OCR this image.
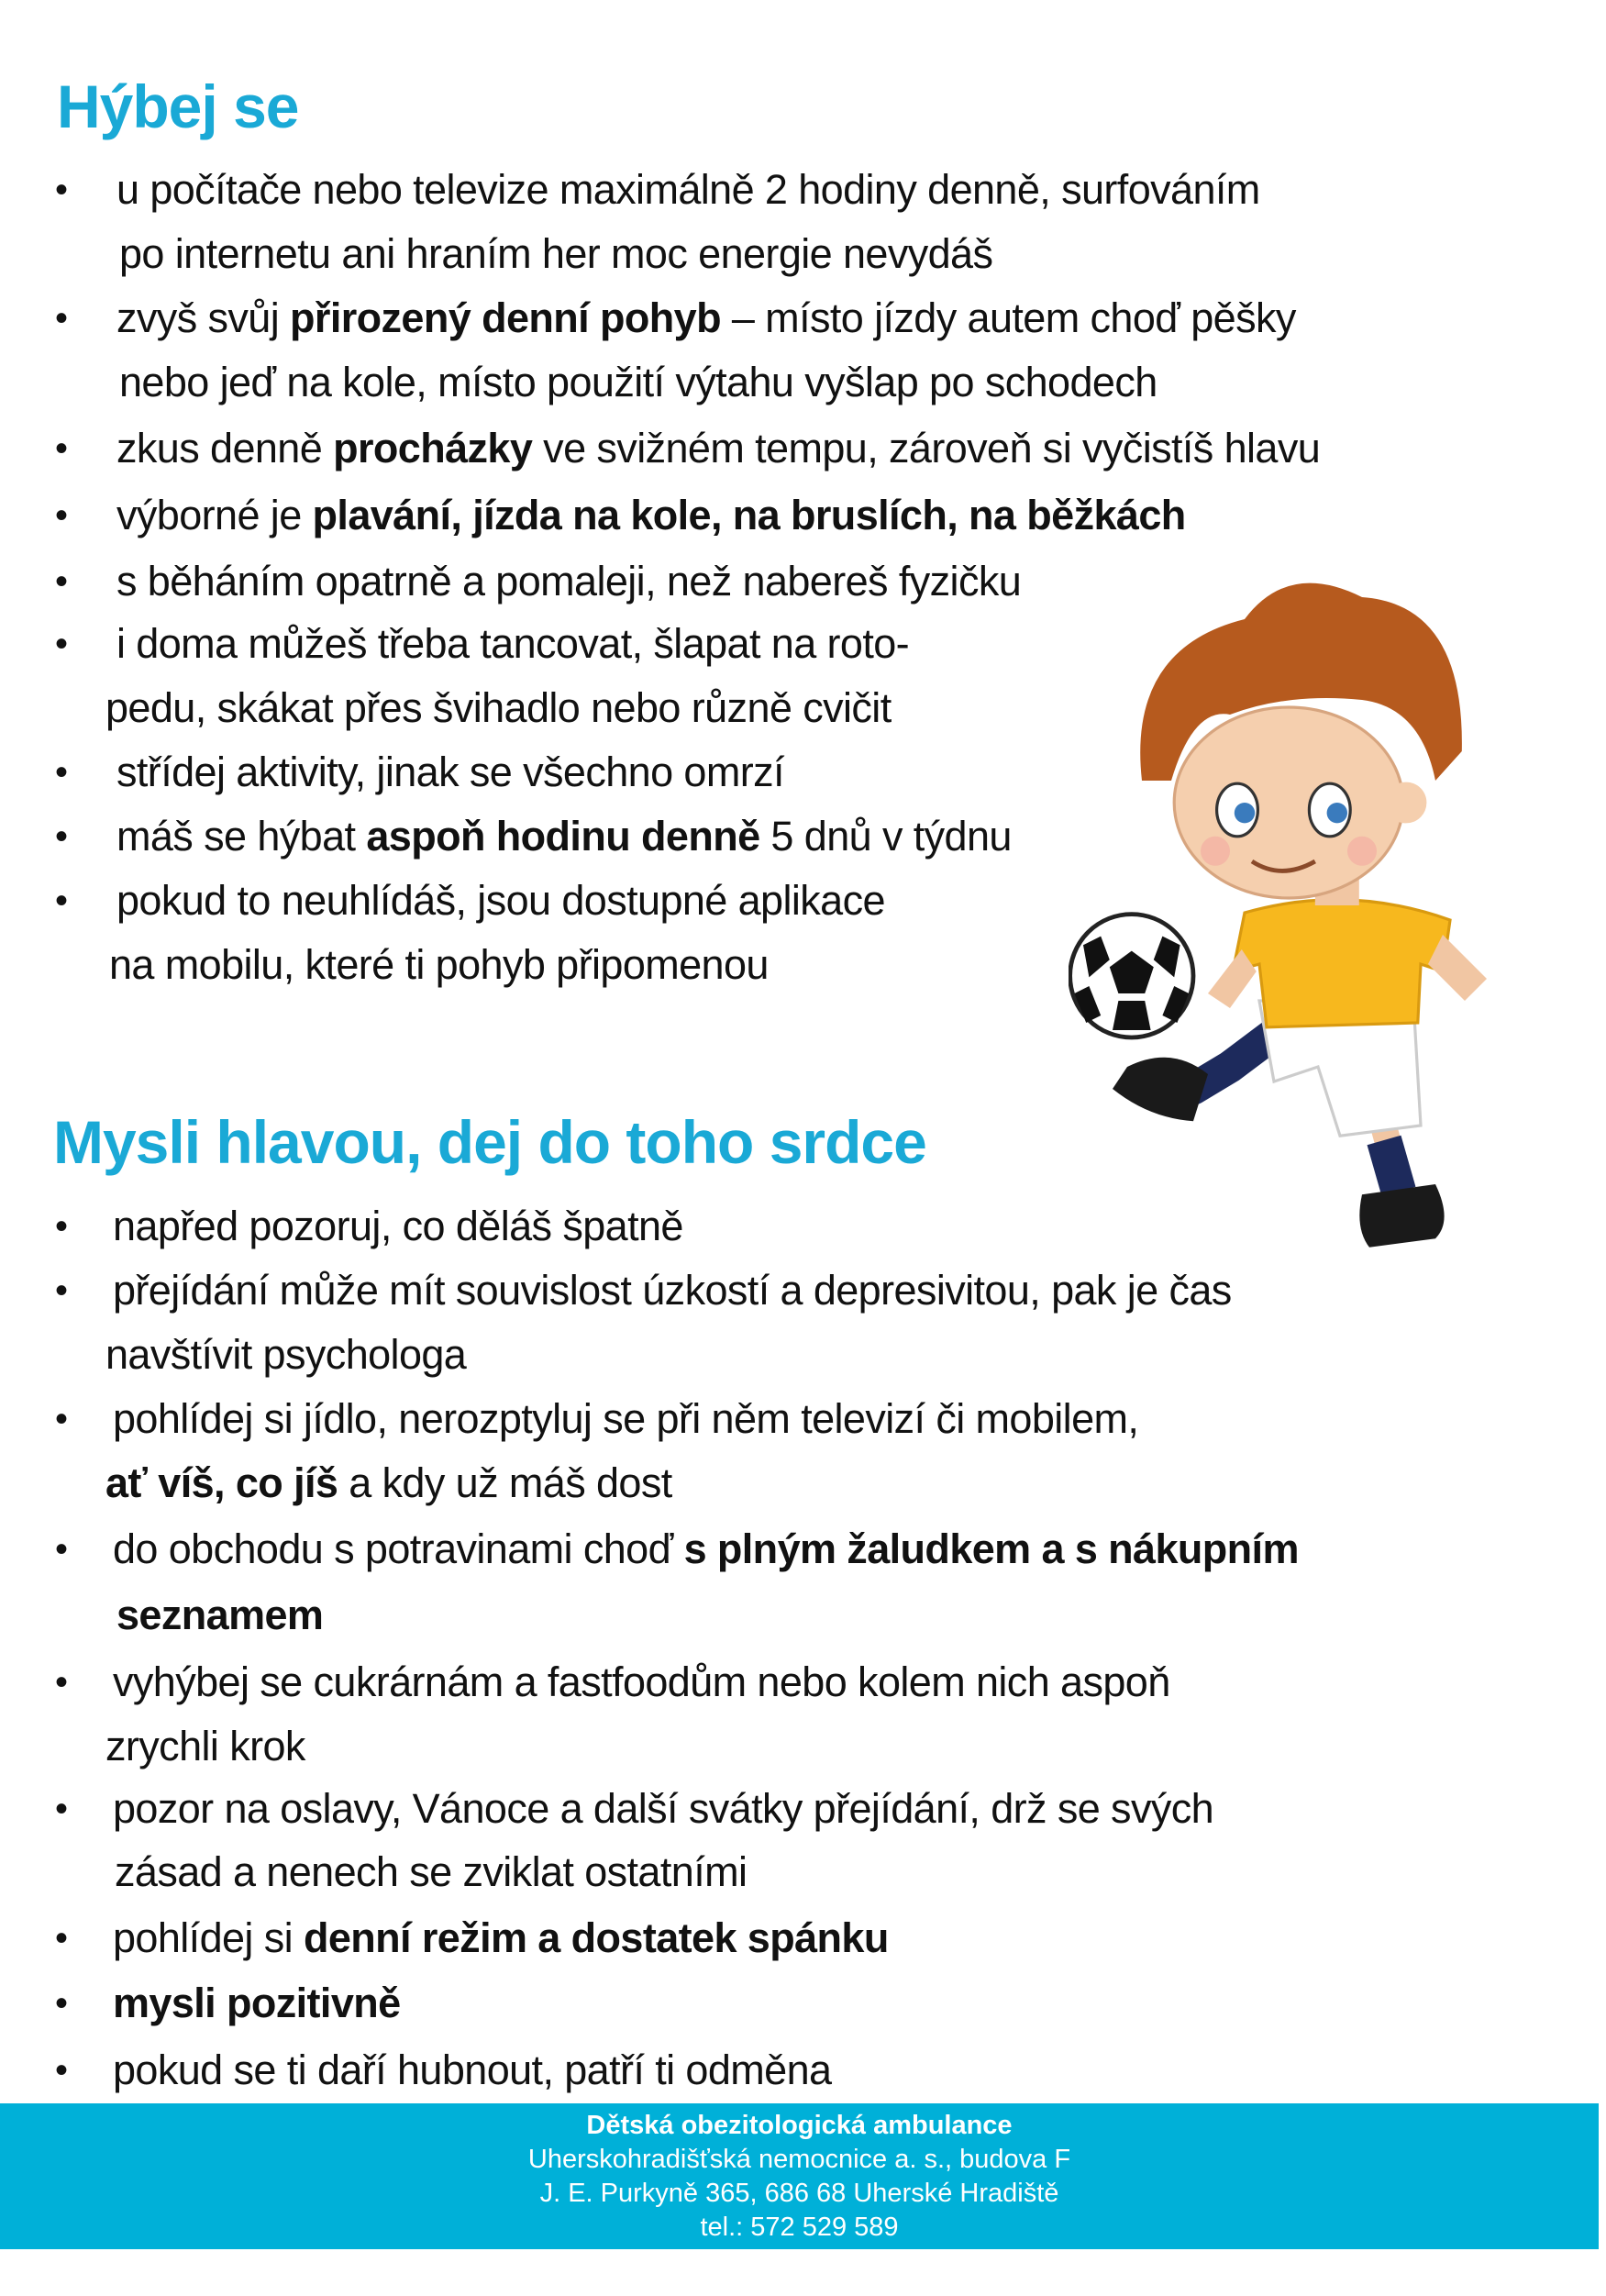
Hýbej se
• u počítače nebo televize maximálně 2 hodiny denně, surfováním
po internetu ani hraním her moc energie nevydáš
• zvyš svůj přirozený denní pohyb – místo jízdy autem choď pěšky
nebo jeď na kole, místo použití výtahu vyšlap po schodech
• zkus denně procházky ve svižném tempu, zároveň si vyčistíš hlavu
• výborné je plavání, jízda na kole, na bruslích, na běžkách
• s běháním opatrně a pomaleji, než nabereš fyzičku
• i doma můžeš třeba tancovat, šlapat na roto-
pedu, skákat přes švihadlo nebo různě cvičit
• střídej aktivity, jinak se všechno omrzí
• máš se hýbat aspoň hodinu denně 5 dnů v týdnu
• pokud to neuhlídáš, jsou dostupné aplikace
na mobilu, které ti pohyb připomenou
Mysli hlavou, dej do toho srdce
• napřed pozoruj, co děláš špatně
• přejídání může mít souvislost úzkostí a depresivitou, pak je čas
navštívit psychologa
• pohlídej si jídlo, nerozptyluj se při něm televizí či mobilem,
ať víš, co jíš a kdy už máš dost
• do obchodu s potravinami choď s plným žaludkem a s nákupním
seznamem
• vyhýbej se cukrárnám a fastfoodům nebo kolem nich aspoň
zrychli krok
• pozor na oslavy, Vánoce a další svátky přejídání, drž se svých
zásad a nenech se zviklat ostatními
• pohlídej si denní režim a dostatek spánku
• mysli pozitivně
• pokud se ti daří hubnout, patří ti odměna
Dětská obezitologická ambulance
Uherskohradišťská nemocnice a. s., budova F
J. E. Purkyně 365, 686 68 Uherské Hradiště
tel.: 572 529 589
